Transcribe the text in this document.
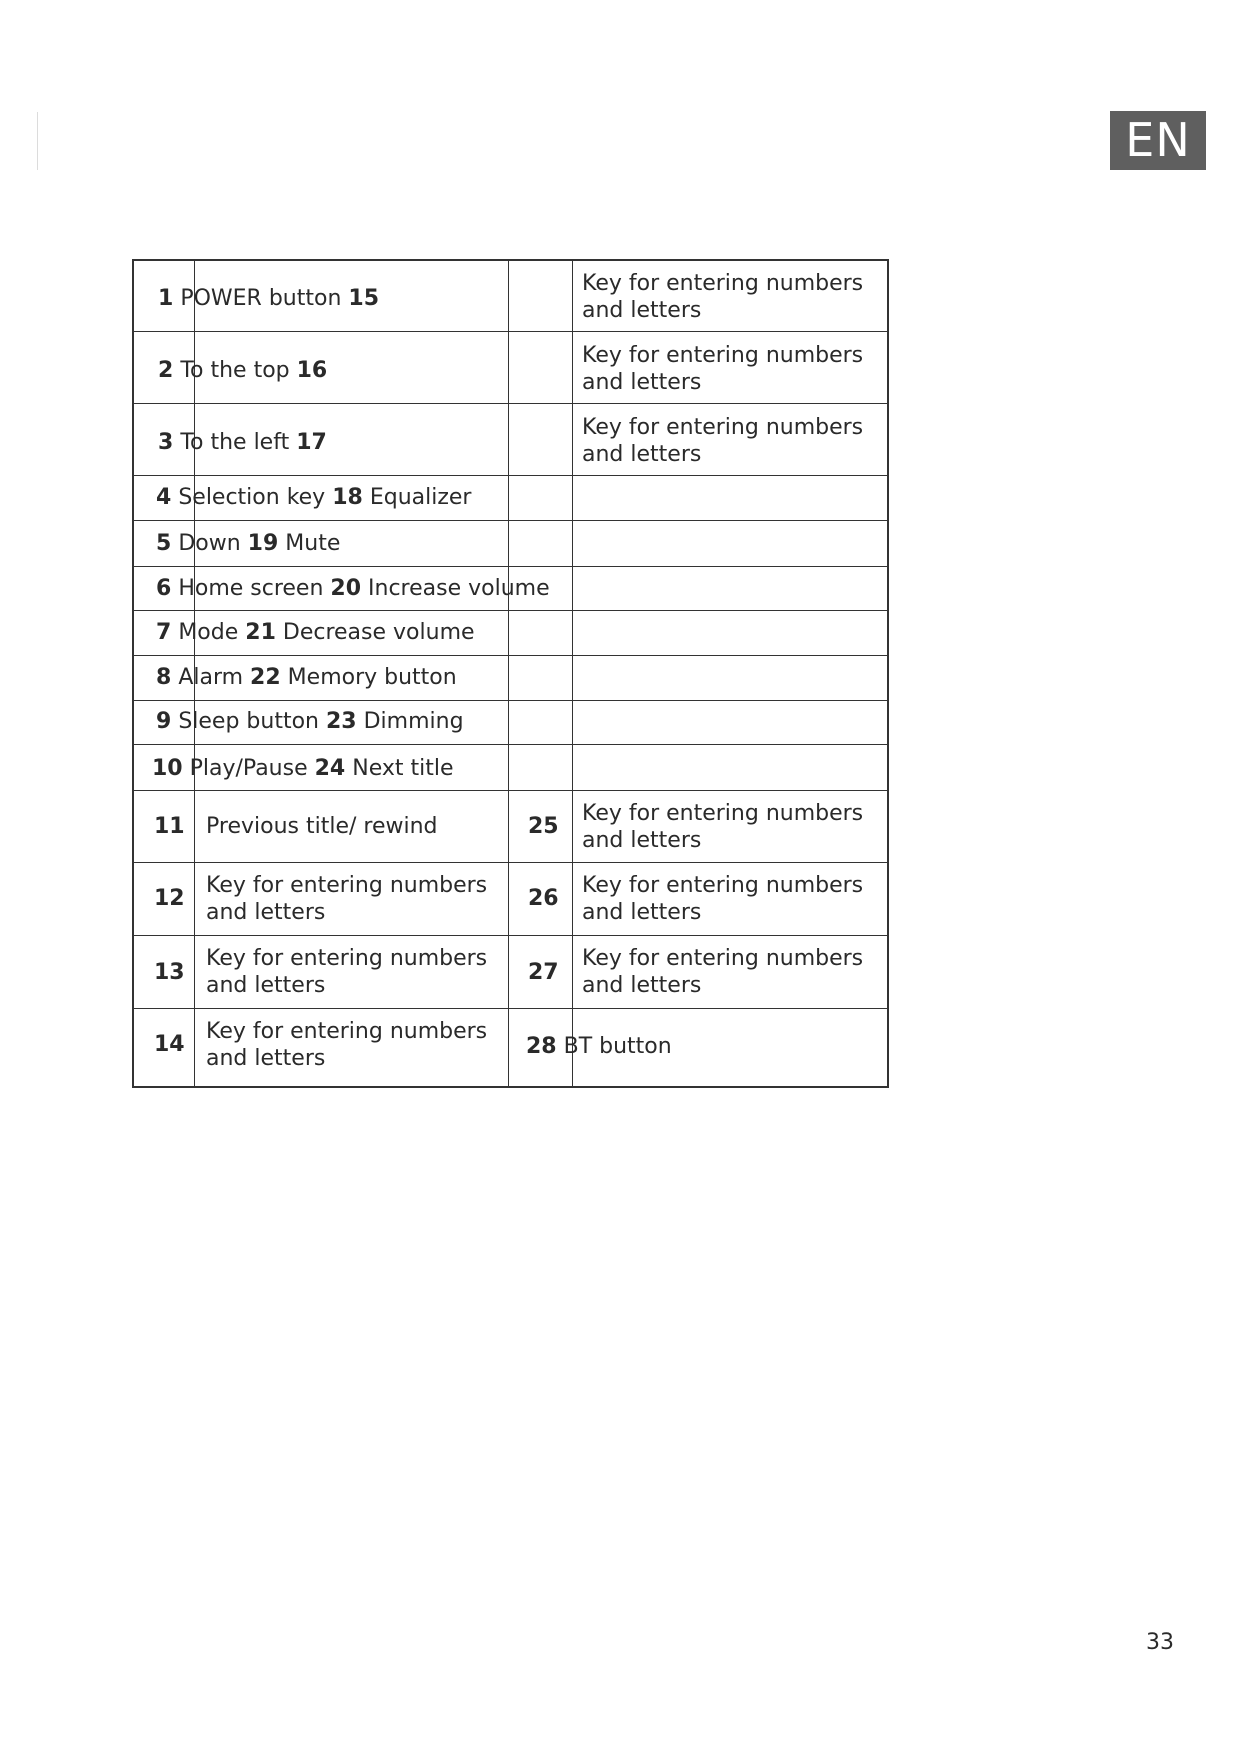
EN
1 POWER button 15
Key for entering numbers and letters
2 To the top 16
Key for entering numbers and letters
3 To the left 17
Key for entering numbers and letters
4 Selection key 18 Equalizer
5 Down 19 Mute
6 Home screen 20 Increase volume
7 Mode 21 Decrease volume
8 Alarm 22 Memory button
9 Sleep button 23 Dimming
10 Play/Pause 24 Next title
11 Previous title/ rewind	25
Key for entering numbers
and letters
12
Key for entering numbers
and letters
26
Key for entering numbers
and letters
13
Key for entering numbers
and letters
27
Key for entering numbers
and letters
14
Key for entering numbers
and letters	28 BT button
33
